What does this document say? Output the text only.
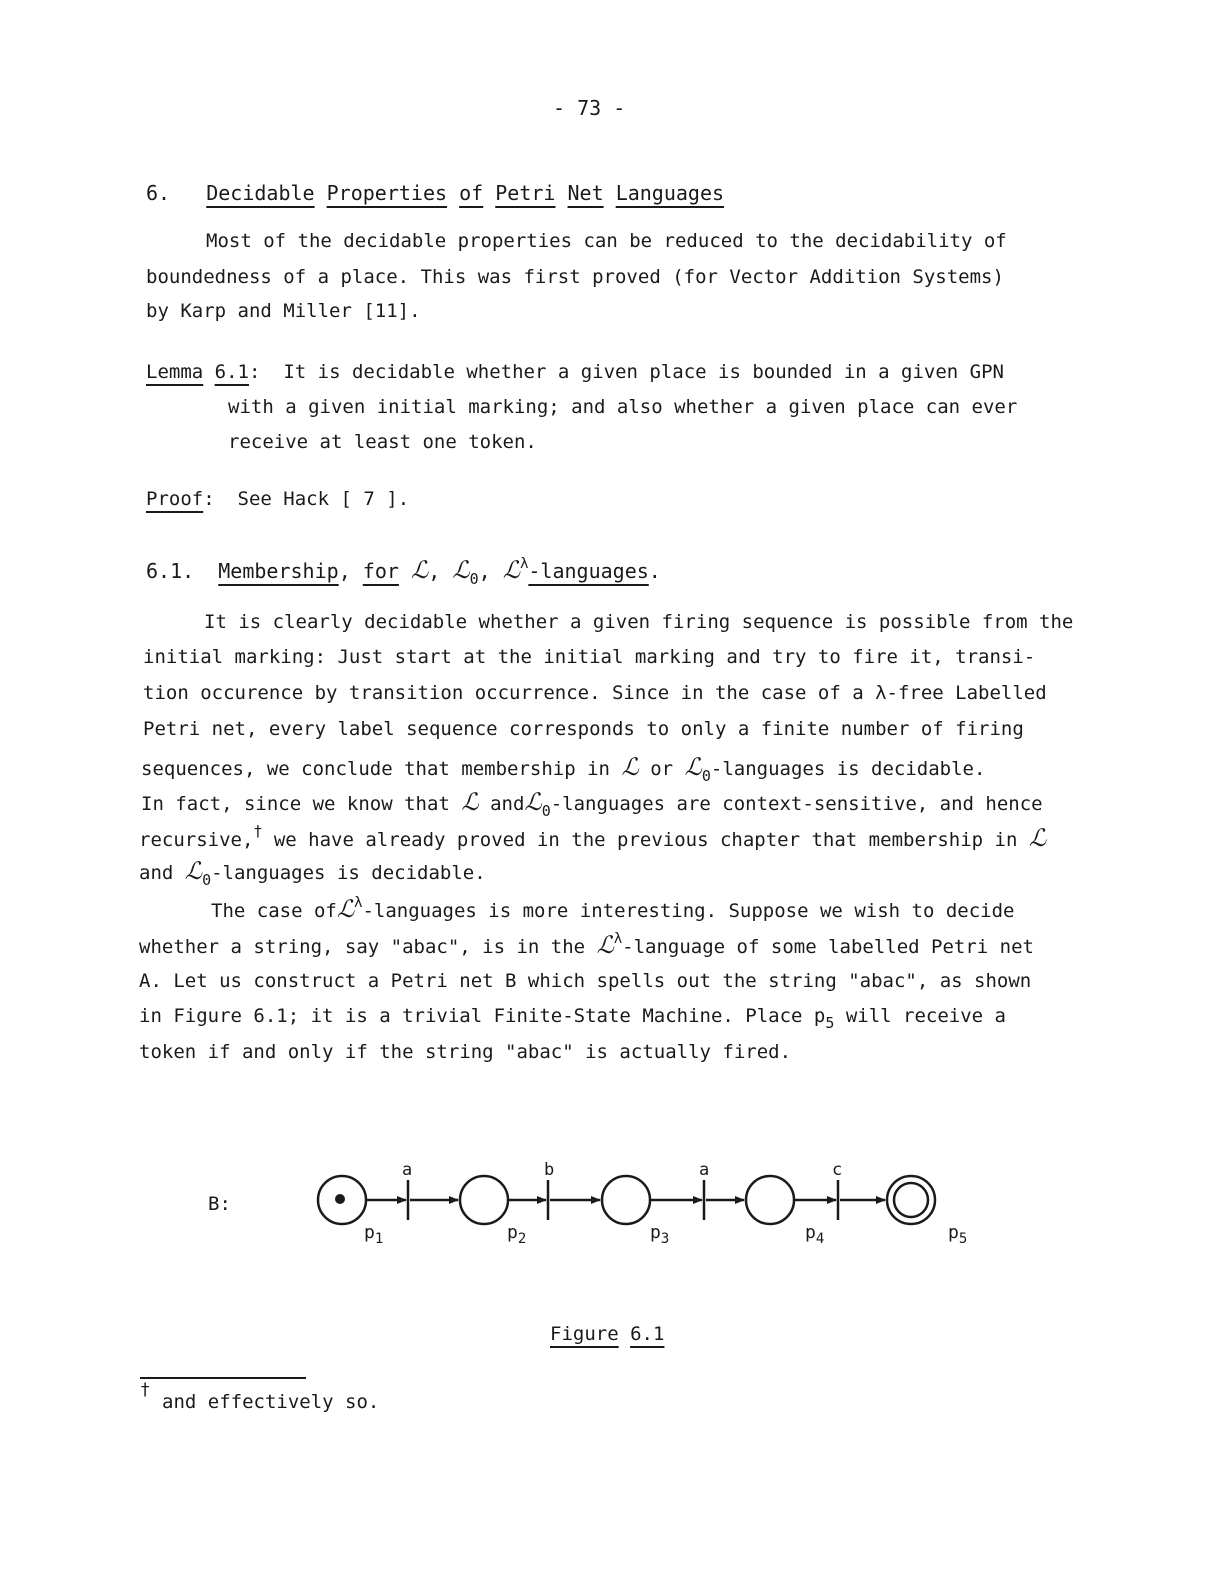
- 73 -
6. Decidable Properties of Petri Net Languages
Most of the decidable properties can be reduced to the decidability of
boundedness of a place. This was first proved (for Vector Addition Systems)
by Karp and Miller [11].
Lemma 6.1: It is decidable whether a given place is bounded in a given GPN
with a given initial marking; and also whether a given place can ever
receive at least one token.
Proof: See Hack [ 7 ].
6.1. Membership, for ℒ, ℒ$_0$, ℒ$^\lambda$-languages.
It is clearly decidable whether a given firing sequence is possible from the
initial marking: Just start at the initial marking and try to fire it, transi-
tion occurence by transition occurrence. Since in the case of a λ-free Labelled
Petri net, every label sequence corresponds to only a finite number of firing
sequences, we conclude that membership in ℒ or ℒ$_0$-languages is decidable.
In fact, since we know that ℒ andℒ$_0$-languages are context-sensitive, and hence
recursive,† we have already proved in the previous chapter that membership in ℒ
and ℒ$_0$-languages is decidable.
The case ofℒ$^\lambda$-languages is more interesting. Suppose we wish to decide
whether a string, say "abac", is in the ℒ$^\lambda$-language of some labelled Petri net
A. Let us construct a Petri net B which spells out the string "abac", as shown
in Figure 6.1; it is a trivial Finite-State Machine. Place $p_5$ will receive a
token if and only if the string "abac" is actually fired.
B:
a	b	a	c
$p_1$	$p_2$	$p_3$	$p_4$	$p_5$
Figure 6.1
†
and effectively so.
